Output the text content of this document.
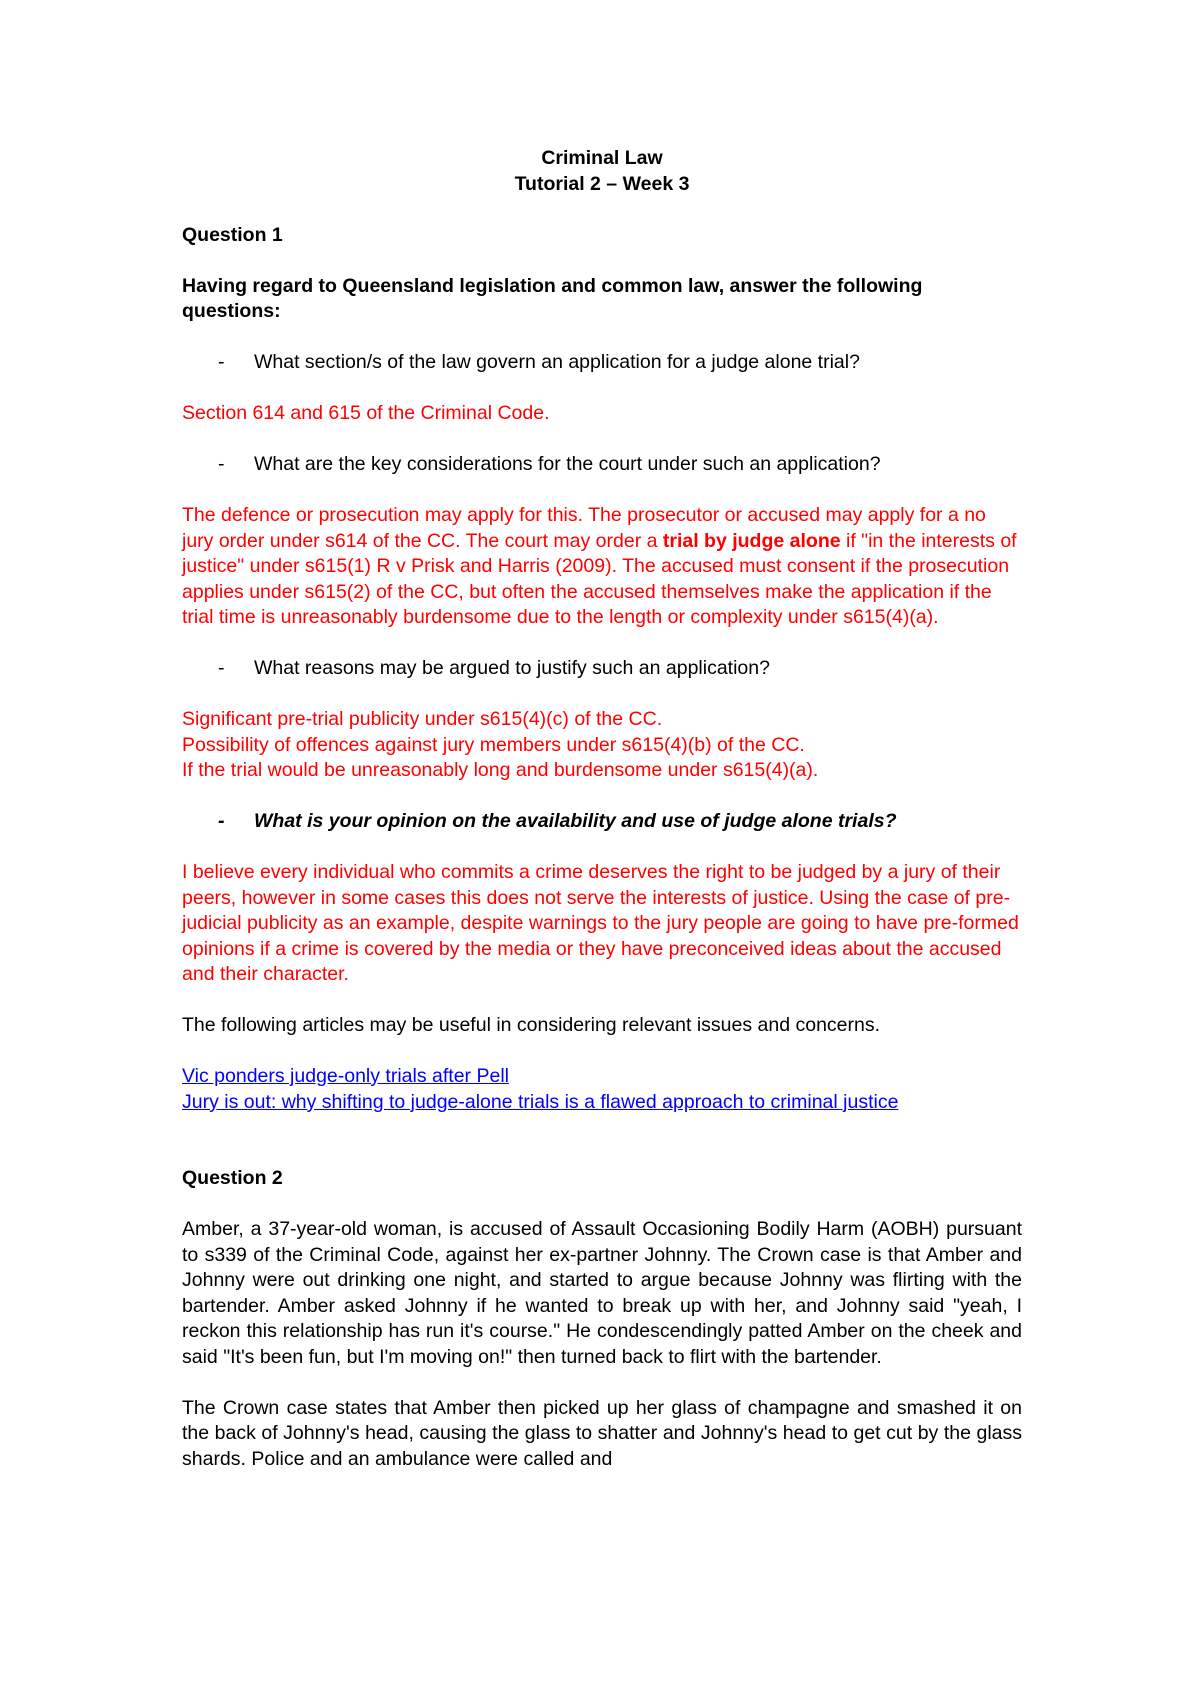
Criminal Law

Tutorial 2 – Week 3

Question 1

Having regard to Queensland legislation and common law, answer the following questions:

- What section/s of the law govern an application for a judge alone trial?

Section 614 and 615 of the Criminal Code.

- What are the key considerations for the court under such an application?

The defence or prosecution may apply for this. The prosecutor or accused may apply for a no jury order under s614 of the CC. The court may order a trial by judge alone if "in the interests of justice" under s615(1) R v Prisk and Harris (2009). The accused must consent if the prosecution applies under s615(2) of the CC, but often the accused themselves make the application if the trial time is unreasonably burdensome due to the length or complexity under s615(4)(a).

- What reasons may be argued to justify such an application?

Significant pre-trial publicity under s615(4)(c) of the CC.

Possibility of offences against jury members under s615(4)(b) of the CC.

If the trial would be unreasonably long and burdensome under s615(4)(a).

- What is your opinion on the availability and use of judge alone trials?

I believe every individual who commits a crime deserves the right to be judged by a jury of their peers, however in some cases this does not serve the interests of justice. Using the case of pre-judicial publicity as an example, despite warnings to the jury people are going to have pre-formed opinions if a crime is covered by the media or they have preconceived ideas about the accused and their character.

The following articles may be useful in considering relevant issues and concerns.

Vic ponders judge-only trials after Pell
Jury is out: why shifting to judge-alone trials is a flawed approach to criminal justice

Question 2

Amber, a 37-year-old woman, is accused of Assault Occasioning Bodily Harm (AOBH) pursuant to s339 of the Criminal Code, against her ex-partner Johnny. The Crown case is that Amber and Johnny were out drinking one night, and started to argue because Johnny was flirting with the bartender. Amber asked Johnny if he wanted to break up with her, and Johnny said "yeah, I reckon this relationship has run it's course." He condescendingly patted Amber on the cheek and said "It's been fun, but I'm moving on!" then turned back to flirt with the bartender.

The Crown case states that Amber then picked up her glass of champagne and smashed it on the back of Johnny's head, causing the glass to shatter and Johnny's head to get cut by the glass shards. Police and an ambulance were called and
